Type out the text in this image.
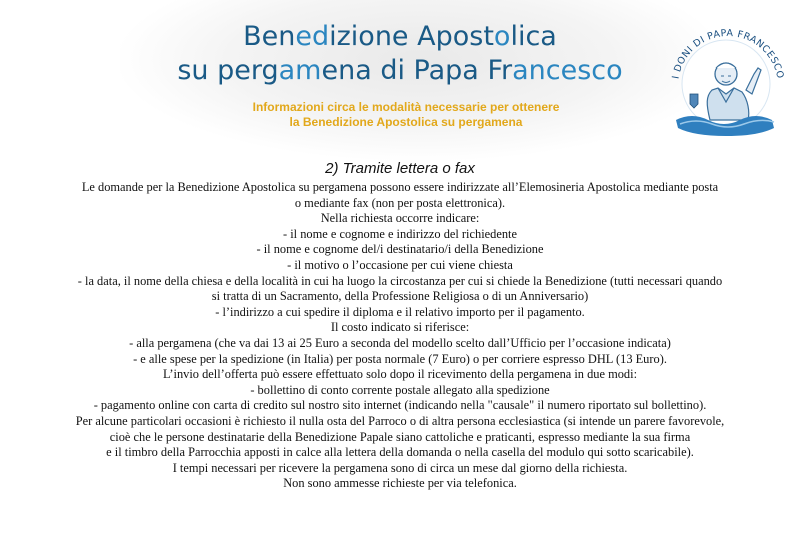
Benedizione Apostolica
su pergamena di Papa Francesco
Informazioni circa le modalità necessarie per ottenere
la Benedizione Apostolica su pergamena
I DONI DI PAPA FRANCESCO
2) Tramite lettera o fax
Le domande per la Benedizione Apostolica su pergamena possono essere indirizzate all’Elemosineria Apostolica mediante posta
o mediante fax (non per posta elettronica).
Nella richiesta occorre indicare:
- il nome e cognome e indirizzo del richiedente
- il nome e cognome del/i destinatario/i della Benedizione
- il motivo o l’occasione per cui viene chiesta
- la data, il nome della chiesa e della località in cui ha luogo la circostanza per cui si chiede la Benedizione (tutti necessari quando
si tratta di un Sacramento, della Professione Religiosa o di un Anniversario)
- l’indirizzo a cui spedire il diploma e il relativo importo per il pagamento.
Il costo indicato si riferisce:
- alla pergamena (che va dai 13 ai 25 Euro a seconda del modello scelto dall’Ufficio per l’occasione indicata)
- e alle spese per la spedizione (in Italia) per posta normale (7 Euro) o per corriere espresso DHL (13 Euro).
L’invio dell’offerta può essere effettuato solo dopo il ricevimento della pergamena in due modi:
- bollettino di conto corrente postale allegato alla spedizione
- pagamento online con carta di credito sul nostro sito internet (indicando nella "causale" il numero riportato sul bollettino).
Per alcune particolari occasioni è richiesto il nulla osta del Parroco o di altra persona ecclesiastica (si intende un parere favorevole,
cioè che le persone destinatarie della Benedizione Papale siano cattoliche e praticanti, espresso mediante la sua firma
e il timbro della Parrocchia apposti in calce alla lettera della domanda o nella casella del modulo qui sotto scaricabile).
I tempi necessari per ricevere la pergamena sono di circa un mese dal giorno della richiesta.
Non sono ammesse richieste per via telefonica.
